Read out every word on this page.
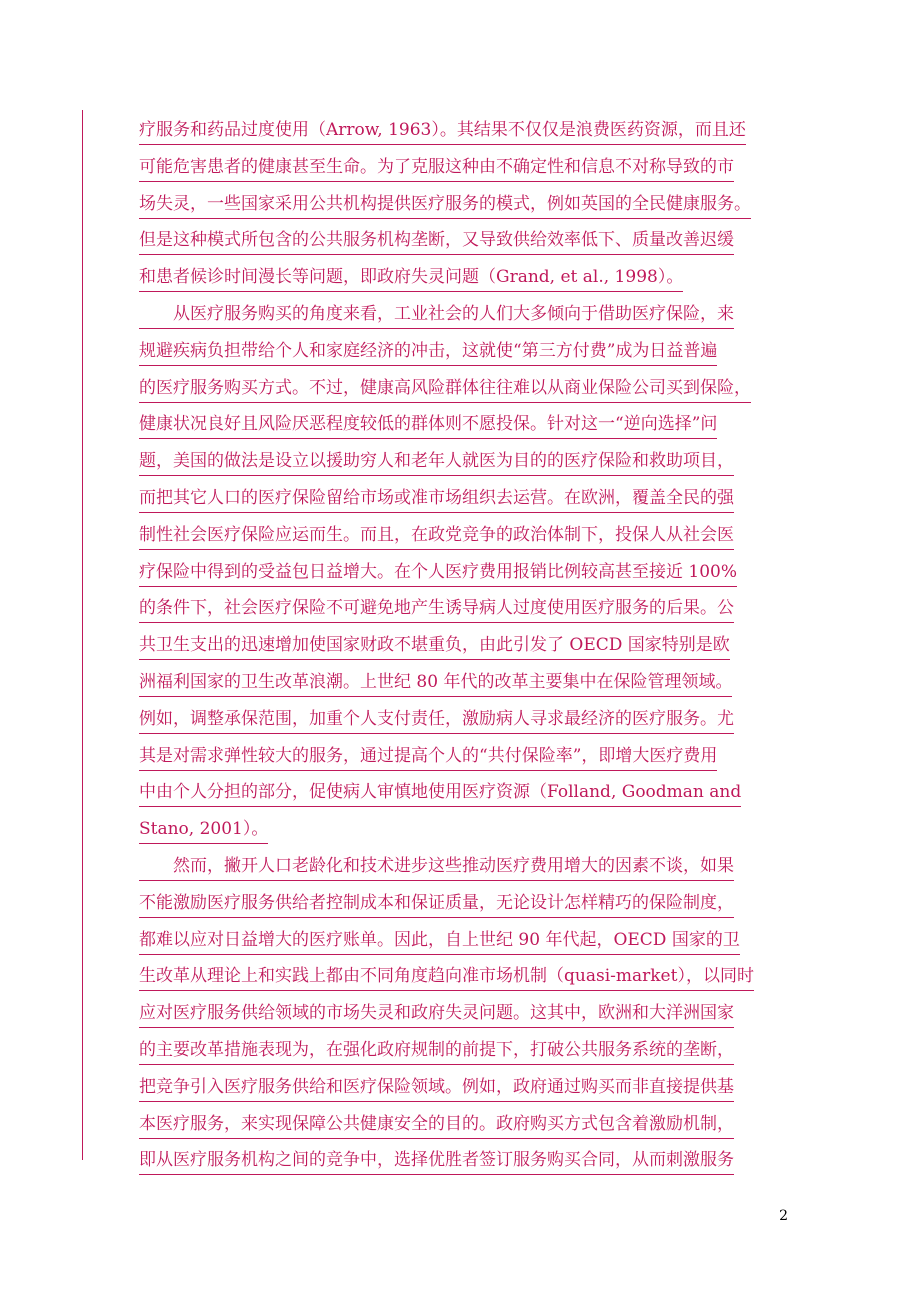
疗服务和药品过度使用（Arrow, 1963）。其结果不仅仅是浪费医药资源，而且还
可能危害患者的健康甚至生命。为了克服这种由不确定性和信息不对称导致的市
场失灵，一些国家采用公共机构提供医疗服务的模式，例如英国的全民健康服务。
但是这种模式所包含的公共服务机构垄断，又导致供给效率低下、质量改善迟缓
和患者候诊时间漫长等问题，即政府失灵问题（Grand, et al., 1998）。
　　从医疗服务购买的角度来看，工业社会的人们大多倾向于借助医疗保险，来
规避疾病负担带给个人和家庭经济的冲击，这就使“第三方付费”成为日益普遍
的医疗服务购买方式。不过，健康高风险群体往往难以从商业保险公司买到保险，
健康状况良好且风险厌恶程度较低的群体则不愿投保。针对这一“逆向选择”问
题，美国的做法是设立以援助穷人和老年人就医为目的的医疗保险和救助项目，
而把其它人口的医疗保险留给市场或准市场组织去运营。在欧洲，覆盖全民的强
制性社会医疗保险应运而生。而且，在政党竞争的政治体制下，投保人从社会医
疗保险中得到的受益包日益增大。在个人医疗费用报销比例较高甚至接近 100%
的条件下，社会医疗保险不可避免地产生诱导病人过度使用医疗服务的后果。公
共卫生支出的迅速增加使国家财政不堪重负，由此引发了 OECD 国家特别是欧
洲福利国家的卫生改革浪潮。上世纪 80 年代的改革主要集中在保险管理领域。
例如，调整承保范围，加重个人支付责任，激励病人寻求最经济的医疗服务。尤
其是对需求弹性较大的服务，通过提高个人的“共付保险率”，即增大医疗费用
中由个人分担的部分，促使病人审慎地使用医疗资源（Folland, Goodman and
Stano, 2001）。
　　然而，撇开人口老龄化和技术进步这些推动医疗费用增大的因素不谈，如果
不能激励医疗服务供给者控制成本和保证质量，无论设计怎样精巧的保险制度，
都难以应对日益增大的医疗账单。因此，自上世纪 90 年代起，OECD 国家的卫
生改革从理论上和实践上都由不同角度趋向准市场机制（quasi-market），以同时
应对医疗服务供给领域的市场失灵和政府失灵问题。这其中，欧洲和大洋洲国家
的主要改革措施表现为，在强化政府规制的前提下，打破公共服务系统的垄断，
把竞争引入医疗服务供给和医疗保险领域。例如，政府通过购买而非直接提供基
本医疗服务，来实现保障公共健康安全的目的。政府购买方式包含着激励机制，
即从医疗服务机构之间的竞争中，选择优胜者签订服务购买合同，从而刺激服务
2
